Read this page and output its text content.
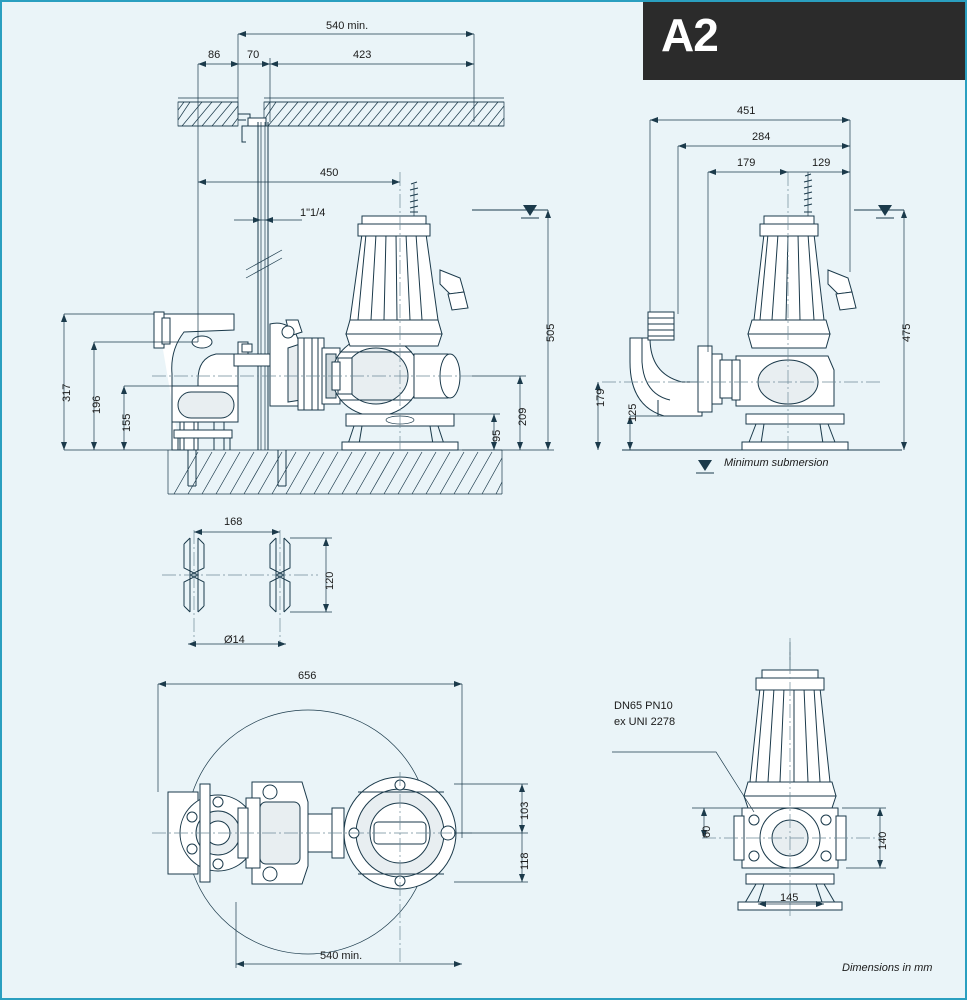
A2
540 min.
86 70	423
450
1"1/4
505
317
196
155	209
95
451
284
179	129
475
179
125
Minimum submersion
168
120
Ø14
656
103
118
540 min.
DN65 PN10
ex UNI 2278
140
60
145
Dimensions in mm
